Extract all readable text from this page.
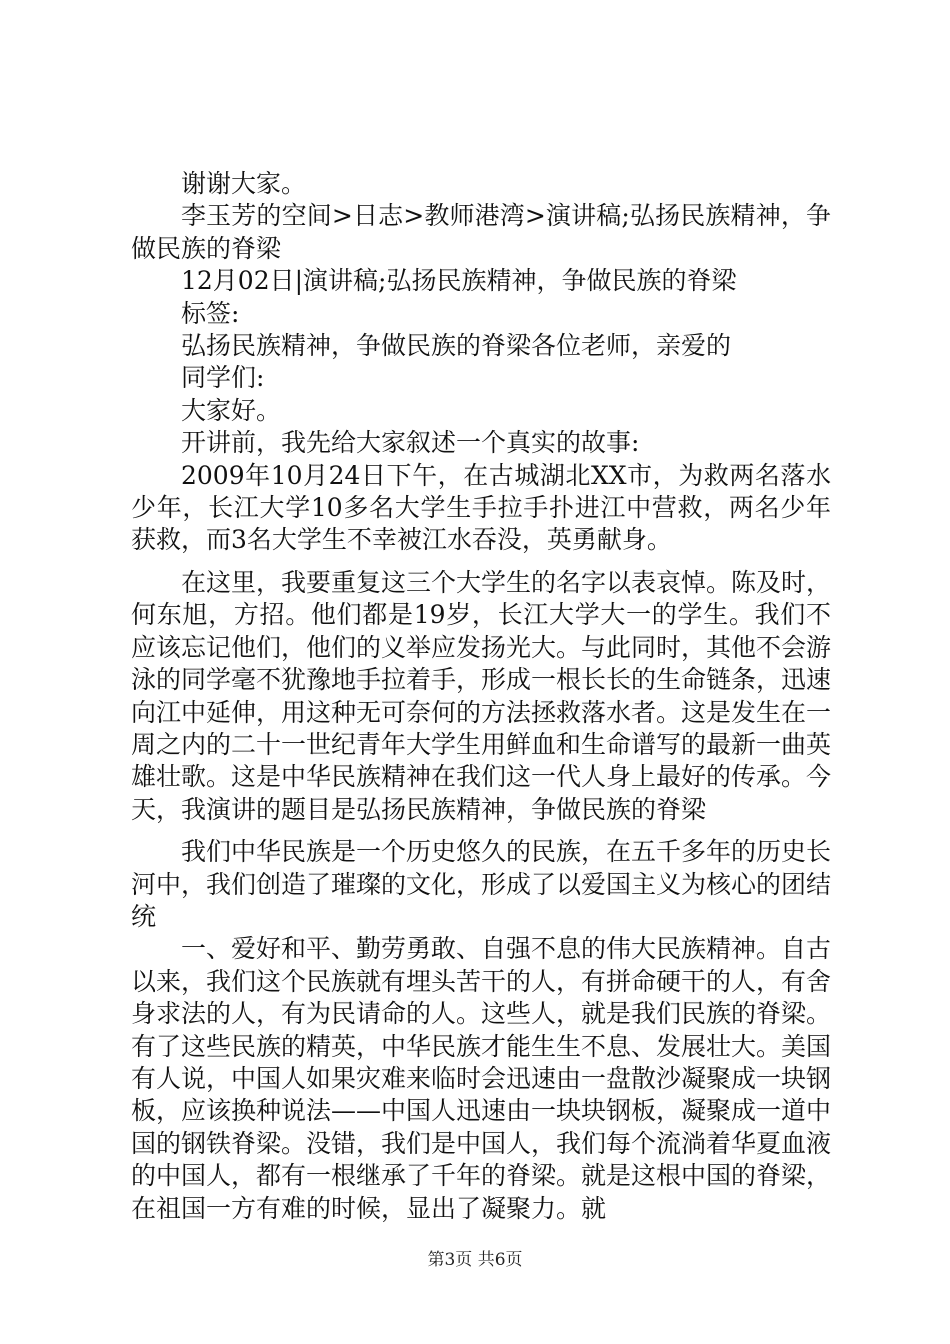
谢谢大家。

李玉芳的空间>日志>教师港湾>演讲稿;弘扬民族精神，争做民族的脊梁

12月02日|演讲稿;弘扬民族精神，争做民族的脊梁

标签:

弘扬民族精神，争做民族的脊梁各位老师，亲爱的

同学们:

大家好。

开讲前，我先给大家叙述一个真实的故事:

2009年10月24日下午，在古城湖北XX市，为救两名落水少年，长江大学10多名大学生手拉手扑进江中营救，两名少年获救，而3名大学生不幸被江水吞没，英勇献身。

在这里，我要重复这三个大学生的名字以表哀悼。陈及时，何东旭，方招。他们都是19岁，长江大学大一的学生。我们不应该忘记他们，他们的义举应发扬光大。与此同时，其他不会游泳的同学毫不犹豫地手拉着手，形成一根长长的生命链条，迅速向江中延伸，用这种无可奈何的方法拯救落水者。这是发生在一周之内的二十一世纪青年大学生用鲜血和生命谱写的最新一曲英雄壮歌。这是中华民族精神在我们这一代人身上最好的传承。今天，我演讲的题目是弘扬民族精神，争做民族的脊梁

我们中华民族是一个历史悠久的民族，在五千多年的历史长河中，我们创造了璀璨的文化，形成了以爱国主义为核心的团结统

一、爱好和平、勤劳勇敢、自强不息的伟大民族精神。自古以来，我们这个民族就有埋头苦干的人，有拼命硬干的人，有舍身求法的人，有为民请命的人。这些人，就是我们民族的脊梁。有了这些民族的精英，中华民族才能生生不息、发展壮大。美国有人说，中国人如果灾难来临时会迅速由一盘散沙凝聚成一块钢板，应该换种说法——中国人迅速由一块块钢板，凝聚成一道中国的钢铁脊梁。没错，我们是中国人，我们每个流淌着华夏血液的中国人，都有一根继承了千年的脊梁。就是这根中国的脊梁，在祖国一方有难的时候，显出了凝聚力。就

第3页 共6页
